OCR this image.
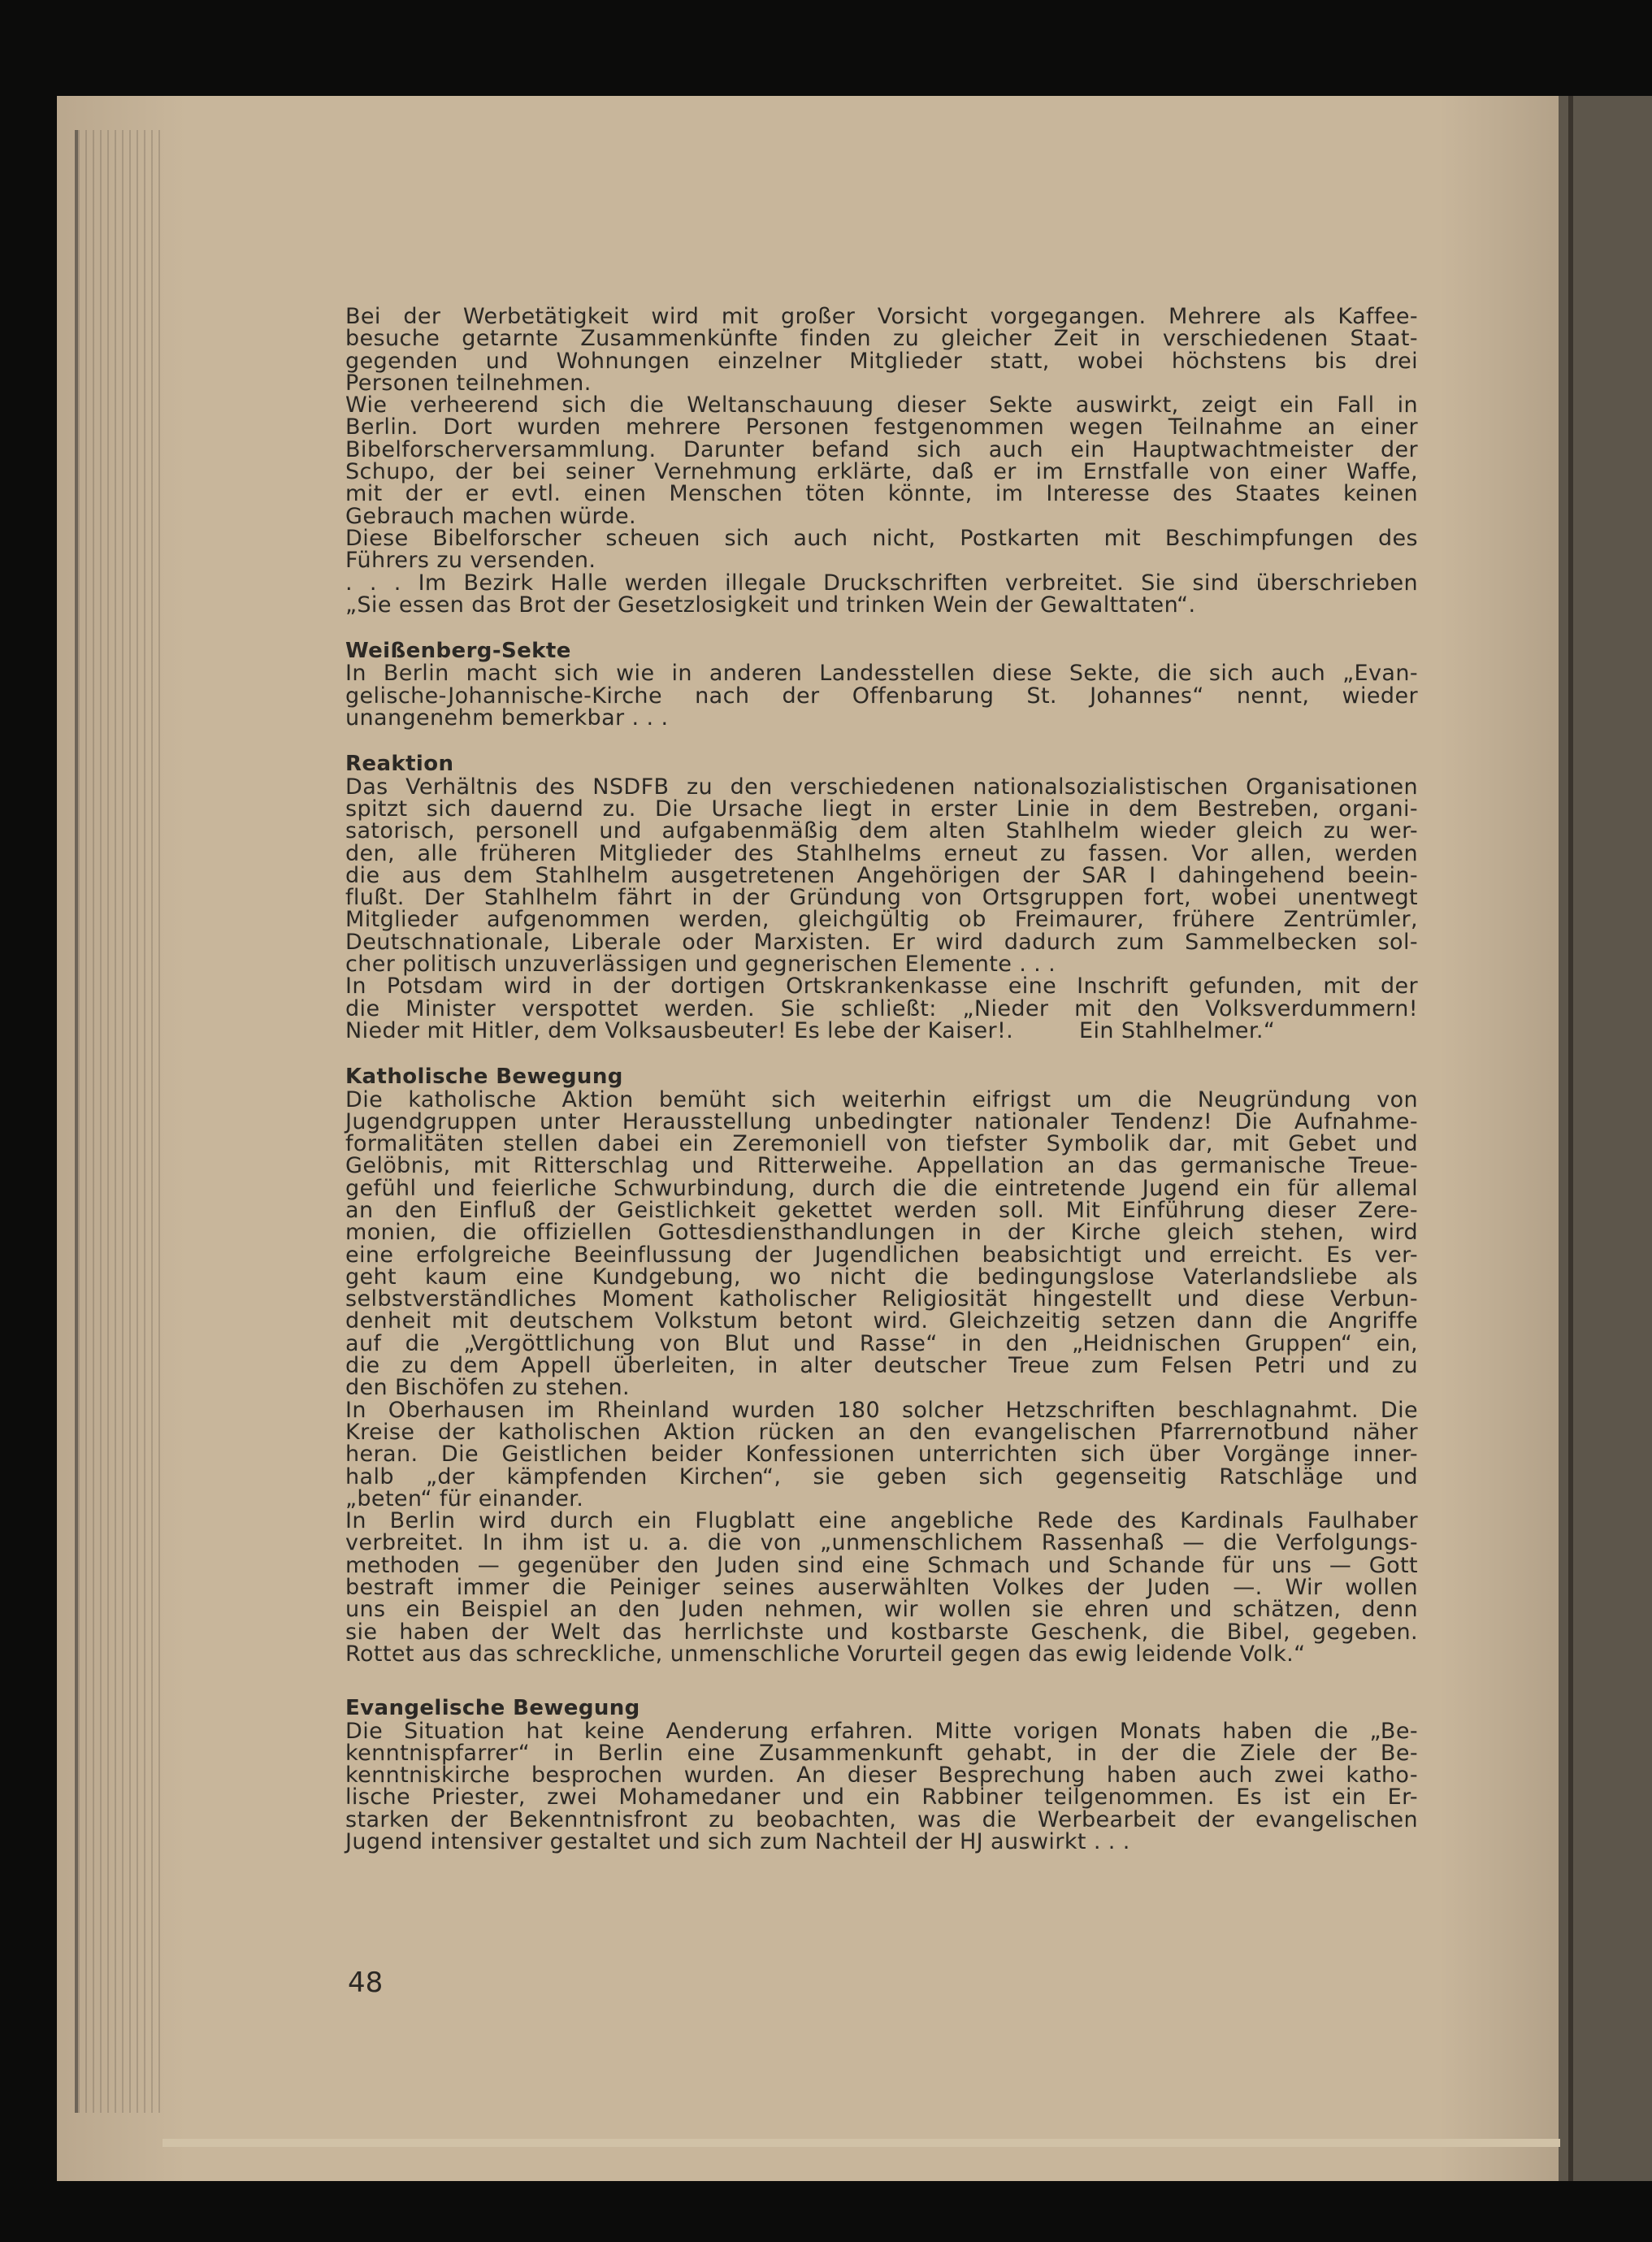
Bei der Werbetätigkeit wird mit großer Vorsicht vorgegangen. Mehrere als Kaffee-

besuche getarnte Zusammenkünfte finden zu gleicher Zeit in verschiedenen Staat-

gegenden und Wohnungen einzelner Mitglieder statt, wobei höchstens bis drei

Personen teilnehmen.

Wie verheerend sich die Weltanschauung dieser Sekte auswirkt, zeigt ein Fall in

Berlin. Dort wurden mehrere Personen festgenommen wegen Teilnahme an einer

Bibelforscherversammlung. Darunter befand sich auch ein Hauptwachtmeister der

Schupo, der bei seiner Vernehmung erklärte, daß er im Ernstfalle von einer Waffe,

mit der er evtl. einen Menschen töten könnte, im Interesse des Staates keinen

Gebrauch machen würde.

Diese Bibelforscher scheuen sich auch nicht, Postkarten mit Beschimpfungen des

Führers zu versenden.

. . . Im Bezirk Halle werden illegale Druckschriften verbreitet. Sie sind überschrieben

„Sie essen das Brot der Gesetzlosigkeit und trinken Wein der Gewalttaten“.

Weißenberg-Sekte

In Berlin macht sich wie in anderen Landesstellen diese Sekte, die sich auch „Evan-

gelische-Johannische-Kirche nach der Offenbarung St. Johannes“ nennt, wieder

unangenehm bemerkbar . . .

Reaktion

Das Verhältnis des NSDFB zu den verschiedenen nationalsozialistischen Organisationen

spitzt sich dauernd zu. Die Ursache liegt in erster Linie in dem Bestreben, organi-

satorisch, personell und aufgabenmäßig dem alten Stahlhelm wieder gleich zu wer-

den, alle früheren Mitglieder des Stahlhelms erneut zu fassen. Vor allen, werden

die aus dem Stahlhelm ausgetretenen Angehörigen der SAR I dahingehend beein-

flußt. Der Stahlhelm fährt in der Gründung von Ortsgruppen fort, wobei unentwegt

Mitglieder aufgenommen werden, gleichgültig ob Freimaurer, frühere Zentrümler,

Deutschnationale, Liberale oder Marxisten. Er wird dadurch zum Sammelbecken sol-

cher politisch unzuverlässigen und gegnerischen Elemente . . .

In Potsdam wird in der dortigen Ortskrankenkasse eine Inschrift gefunden, mit der

die Minister verspottet werden. Sie schließt: „Nieder mit den Volksverdummern!

Nieder mit Hitler, dem Volksausbeuter! Es lebe der Kaiser!.         Ein Stahlhelmer.“

Katholische Bewegung

Die katholische Aktion bemüht sich weiterhin eifrigst um die Neugründung von

Jugendgruppen unter Herausstellung unbedingter nationaler Tendenz! Die Aufnahme-

formalitäten stellen dabei ein Zeremoniell von tiefster Symbolik dar, mit Gebet und

Gelöbnis, mit Ritterschlag und Ritterweihe. Appellation an das germanische Treue-

gefühl und feierliche Schwurbindung, durch die die eintretende Jugend ein für allemal

an den Einfluß der Geistlichkeit gekettet werden soll. Mit Einführung dieser Zere-

monien, die offiziellen Gottesdiensthandlungen in der Kirche gleich stehen, wird

eine erfolgreiche Beeinflussung der Jugendlichen beabsichtigt und erreicht. Es ver-

geht kaum eine Kundgebung, wo nicht die bedingungslose Vaterlandsliebe als

selbstverständliches Moment katholischer Religiosität hingestellt und diese Verbun-

denheit mit deutschem Volkstum betont wird. Gleichzeitig setzen dann die Angriffe

auf die „Vergöttlichung von Blut und Rasse“ in den „Heidnischen Gruppen“ ein,

die zu dem Appell überleiten, in alter deutscher Treue zum Felsen Petri und zu

den Bischöfen zu stehen.

In Oberhausen im Rheinland wurden 180 solcher Hetzschriften beschlagnahmt. Die

Kreise der katholischen Aktion rücken an den evangelischen Pfarrernotbund näher

heran. Die Geistlichen beider Konfessionen unterrichten sich über Vorgänge inner-

halb „der kämpfenden Kirchen“, sie geben sich gegenseitig Ratschläge und

„beten“ für einander.

In Berlin wird durch ein Flugblatt eine angebliche Rede des Kardinals Faulhaber

verbreitet. In ihm ist u. a. die von „unmenschlichem Rassenhaß — die Verfolgungs-

methoden — gegenüber den Juden sind eine Schmach und Schande für uns — Gott

bestraft immer die Peiniger seines auserwählten Volkes der Juden —. Wir wollen

uns ein Beispiel an den Juden nehmen, wir wollen sie ehren und schätzen, denn

sie haben der Welt das herrlichste und kostbarste Geschenk, die Bibel, gegeben.

Rottet aus das schreckliche, unmenschliche Vorurteil gegen das ewig leidende Volk.“

Evangelische Bewegung

Die Situation hat keine Aenderung erfahren. Mitte vorigen Monats haben die „Be-

kenntnispfarrer“ in Berlin eine Zusammenkunft gehabt, in der die Ziele der Be-

kenntniskirche besprochen wurden. An dieser Besprechung haben auch zwei katho-

lische Priester, zwei Mohamedaner und ein Rabbiner teilgenommen. Es ist ein Er-

starken der Bekenntnisfront zu beobachten, was die Werbearbeit der evangelischen

Jugend intensiver gestaltet und sich zum Nachteil der HJ auswirkt . . .

48
